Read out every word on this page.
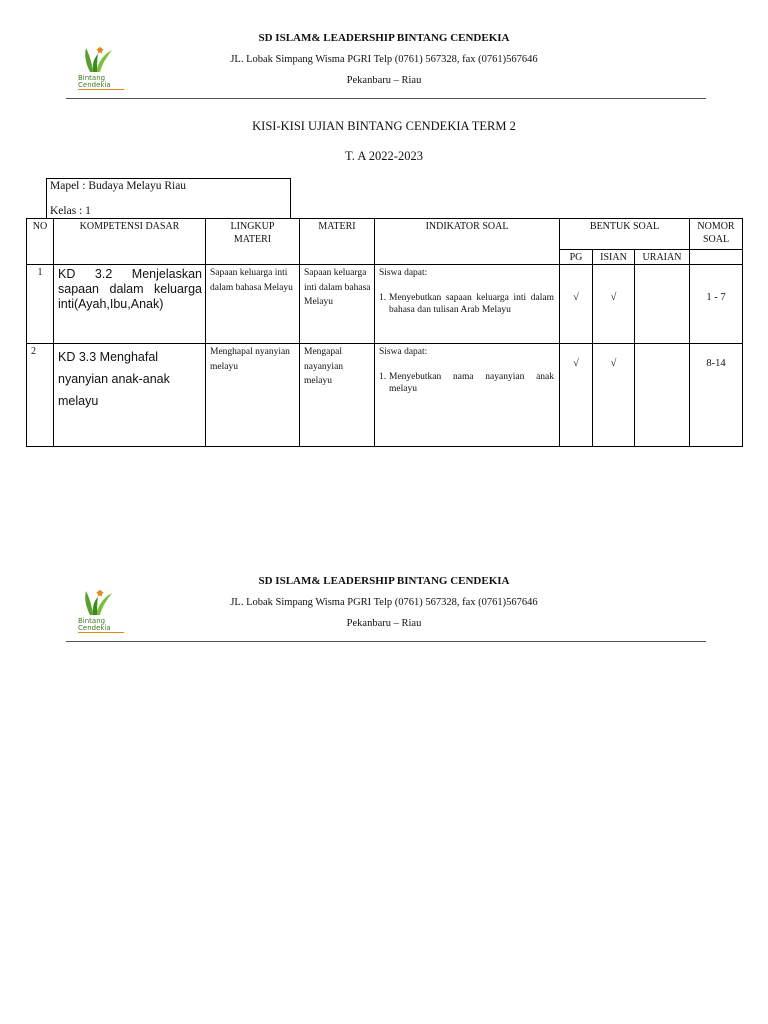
Bintang
Cendekia
SD ISLAM& LEADERSHIP BINTANG CENDEKIA
JL. Lobak Simpang Wisma PGRI Telp (0761) 567328, fax (0761)567646
Pekanbaru – Riau
KISI-KISI UJIAN BINTANG CENDEKIA TERM 2
T. A 2022-2023
Mapel : Budaya Melayu Riau
Kelas : 1
NO	KOMPETENSI DASAR	LINGKUP MATERI	MATERI	INDIKATOR SOAL	BENTUK SOAL			NOMOR SOAL
					PG	ISIAN	URAIAN	
1	KD 3.2 Menjelaskan sapaan dalam keluarga inti(Ayah,Ibu,Anak)	Sapaan keluarga inti dalam bahasa Melayu	Sapaan keluarga inti dalam bahasa Melayu	Siswa dapat:
1. Menyebutkan sapaan keluarga inti dalam bahasa dan tulisan Arab Melayu	√	√		1 - 7
2	KD 3.3 Menghafal nyanyian anak-anak melayu	Menghapal nyanyian melayu	Mengapal nayanyian melayu	Siswa dapat:
1. Menyebutkan nama nayanyian anak melayu	√	√		8-14
Bintang
Cendekia
SD ISLAM& LEADERSHIP BINTANG CENDEKIA
JL. Lobak Simpang Wisma PGRI Telp (0761) 567328, fax (0761)567646
Pekanbaru – Riau
